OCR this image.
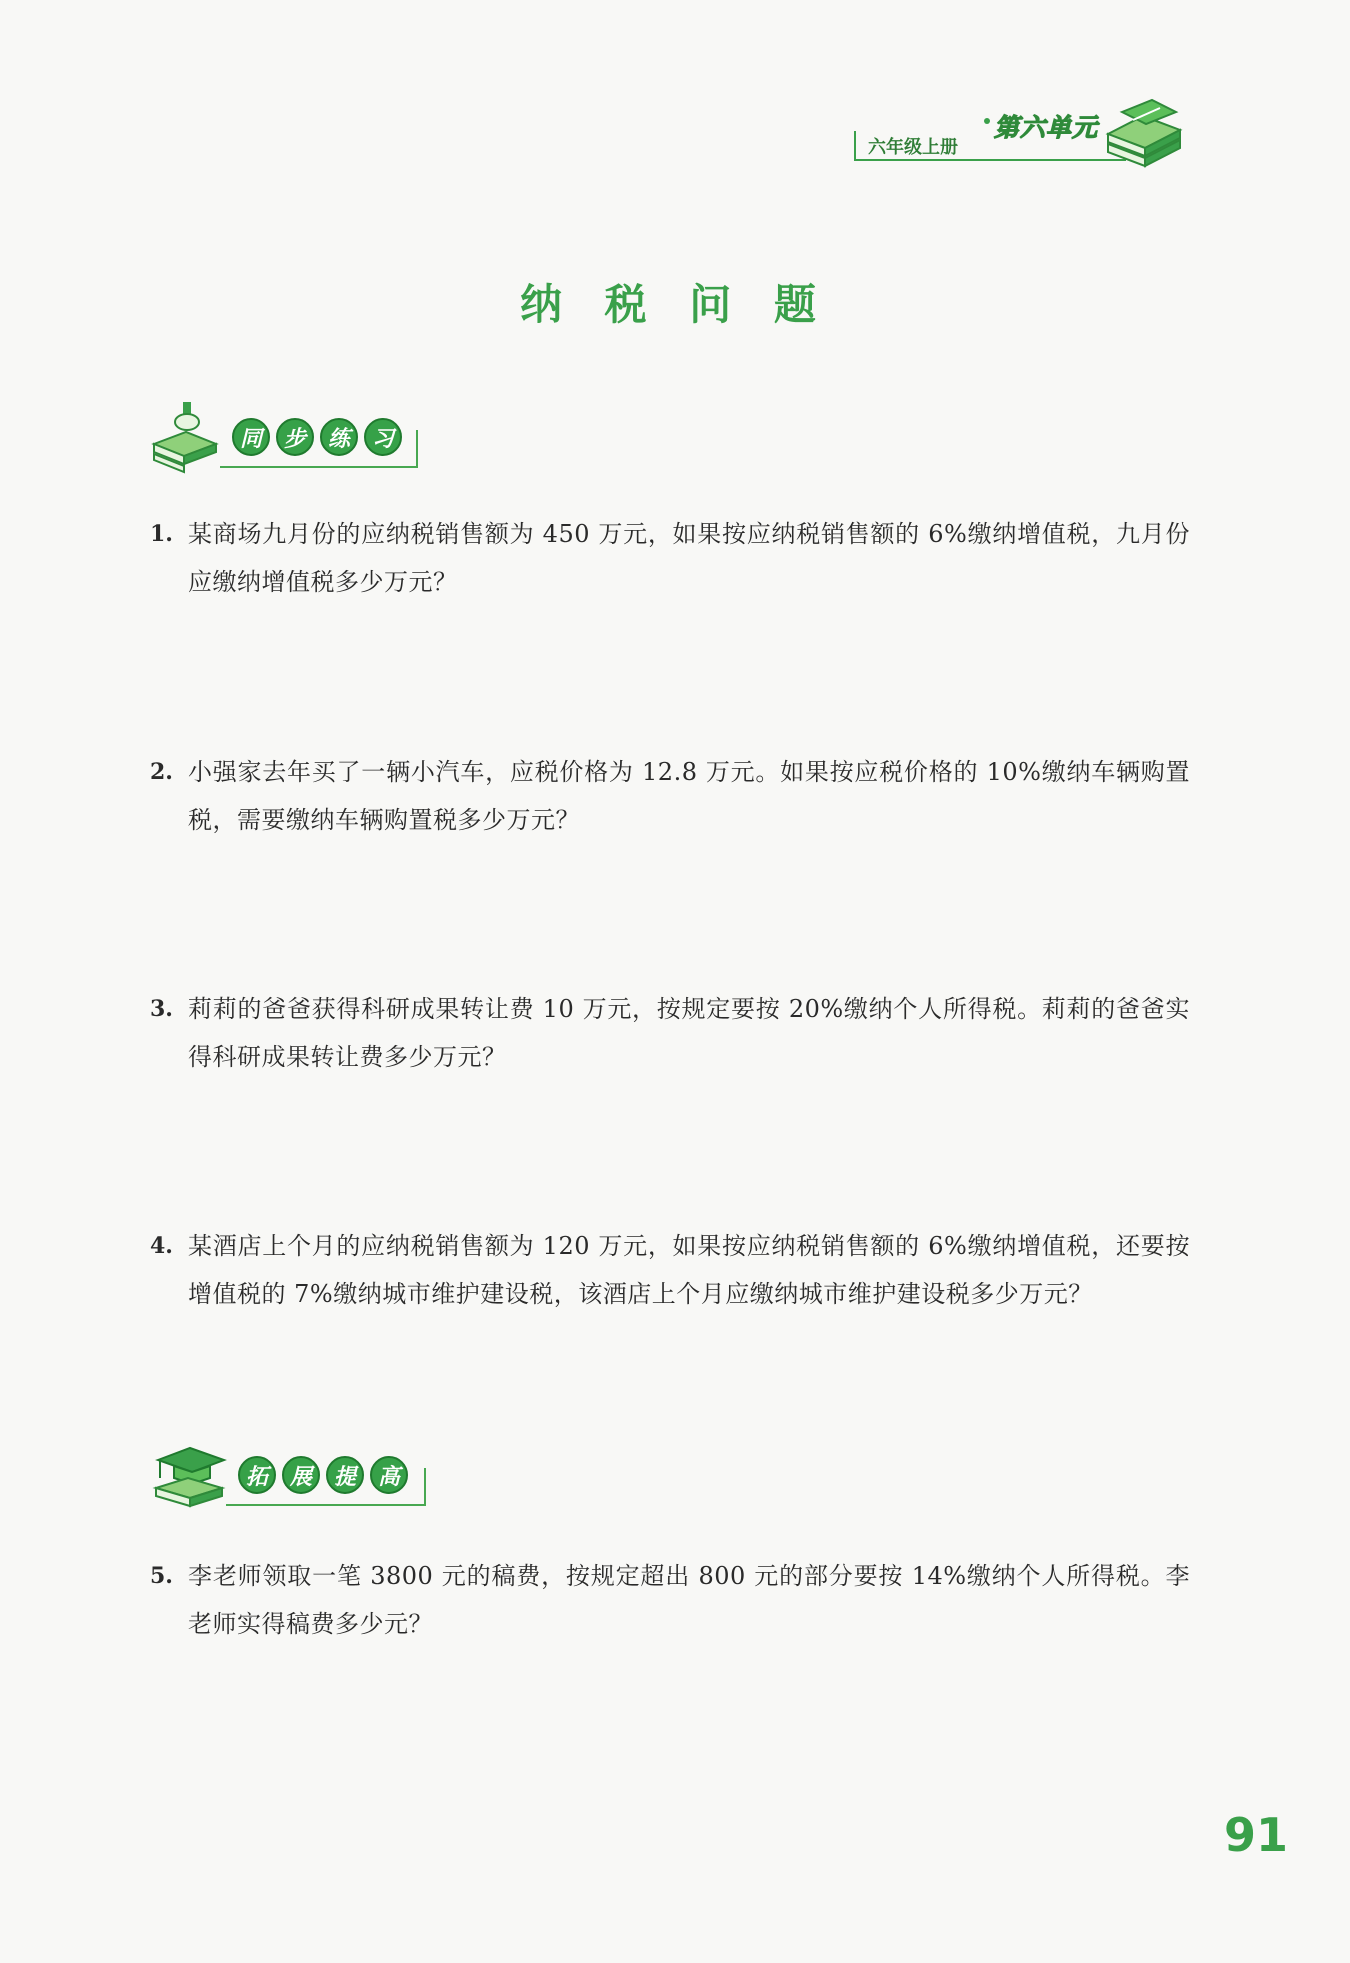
六年级上册
第六单元
纳 税 问 题
同 步 练 习
1. 某商场九月份的应纳税销售额为 450 万元，如果按应纳税销售额的 6%缴纳增值税，九月份应缴纳增值税多少万元？
2. 小强家去年买了一辆小汽车，应税价格为 12.8 万元。如果按应税价格的 10%缴纳车辆购置税，需要缴纳车辆购置税多少万元？
3. 莉莉的爸爸获得科研成果转让费 10 万元，按规定要按 20%缴纳个人所得税。莉莉的爸爸实得科研成果转让费多少万元？
4. 某酒店上个月的应纳税销售额为 120 万元，如果按应纳税销售额的 6%缴纳增值税，还要按增值税的 7%缴纳城市维护建设税，该酒店上个月应缴纳城市维护建设税多少万元？
拓 展 提 高
5. 李老师领取一笔 3800 元的稿费，按规定超出 800 元的部分要按 14%缴纳个人所得税。李老师实得稿费多少元？
91
